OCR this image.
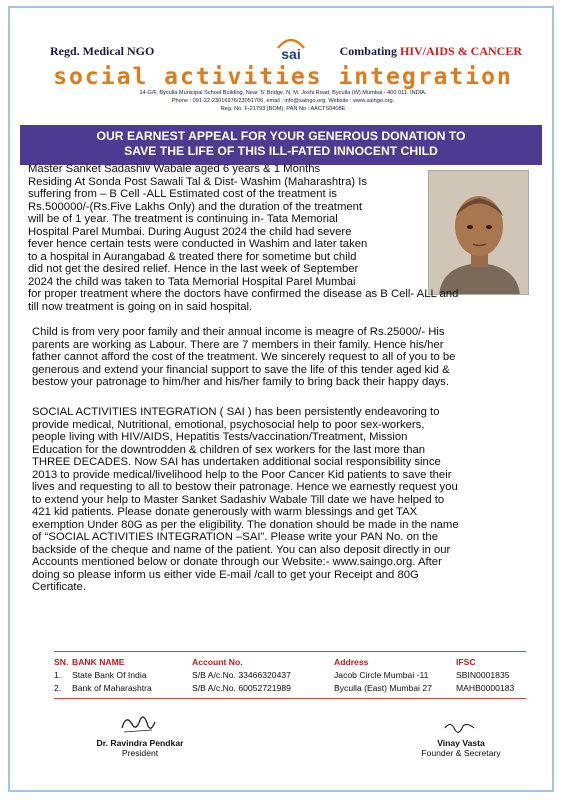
Regd. Medical NGO	sai	Combating HIV/AIDS & CANCER
social activities integration
14-G/F, Byculla Municipal School Building, Near 'S' Bridge, N. M. Joshi Road, Byculla (W),Mumbai - 400 011. INDIA.
Phone : 091-22-23016976/23051706, email : info@saingo.org, Website : www.saingo.org.
Reg. No. F-21793 (BOM); PAN No : AACTS0408E
OUR EARNEST APPEAL FOR YOUR GENEROUS DONATION TO
SAVE THE LIFE OF THIS ILL-FATED INNOCENT CHILD
Master Sanket Sadashiv Wabale aged 6 years & 1 Months
Residing At Sonda Post Sawali Tal & Dist- Washim (Maharashtra) Is
suffering from – B Cell -ALL Estimated cost of the treatment is
Rs.500000/-(Rs.Five Lakhs Only) and the duration of the treatment
will be of 1 year. The treatment is continuing in- Tata Memorial
Hospital Parel Mumbai. During August 2024 the child had severe
fever hence certain tests were conducted in Washim and later taken
to a hospital in Aurangabad & treated there for sometime but child
did not get the desired relief. Hence in the last week of September
2024 the child was taken to Tata Memorial Hospital Parel Mumbai
for proper treatment where the doctors have confirmed the disease as B Cell- ALL and
till now treatment is going on in said hospital.
Child is from very poor family and their annual income is meagre of Rs.25000/- His
parents are working as Labour. There are 7 members in their family. Hence his/her
father cannot afford the cost of the treatment. We sincerely request to all of you to be
generous and extend your financial support to save the life of this tender aged kid &
bestow your patronage to him/her and his/her family to bring back their happy days.
SOCIAL ACTIVITIES INTEGRATION ( SAI ) has been persistently endeavoring to
provide medical, Nutritional, emotional, psychosocial help to poor sex-workers,
people living with HIV/AIDS, Hepatitis Tests/vaccination/Treatment, Mission
Education for the downtrodden & children of sex workers for the last more than
THREE DECADES. Now SAI has undertaken additional social responsibility since
2013 to provide medical/livelihood help to the Poor Cancer Kid patients to save their
lives and requesting to all to bestow their patronage. Hence we earnestly request you
to extend your help to Master Sanket Sadashiv Wabale Till date we have helped to
421 kid patients. Please donate generously with warm blessings and get TAX
exemption Under 80G as per the eligibility. The donation should be made in the name
of “SOCIAL ACTIVITIES INTEGRATION –SAI”. Please write your PAN No. on the
backside of the cheque and name of the patient. You can also deposit directly in our
Accounts mentioned below or donate through our Website:- www.saingo.org. After
doing so please inform us either vide E-mail /call to get your Receipt and 80G
Certificate.
SN. BANK NAME	Account No.	Address	IFSC
1.	State Bank Of India	S/B A/c.No. 33466320437	Jacob Circle Mumbai -11	SBIN0001835
2.	Bank of Maharashtra	S/B A/c.No. 60052721989	Byculla (East) Mumbai 27	MAHB0000183
Dr. Ravindra Pendkar
President
Vinay Vasta
Founder & Secretary
